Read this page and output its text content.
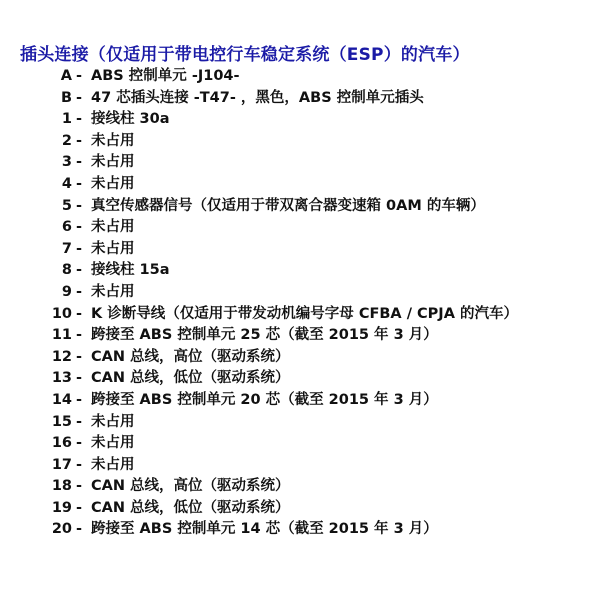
插头连接（仅适用于带电控行车稳定系统（ESP）的汽车）
A - ABS 控制单元 -J104-
B - 47 芯插头连接 -T47- ，黑色，ABS 控制单元插头
1 - 接线柱 30a
2 - 未占用
3 - 未占用
4 - 未占用
5 - 真空传感器信号（仅适用于带双离合器变速箱 0AM 的车辆）
6 - 未占用
7 - 未占用
8 - 接线柱 15a
9 - 未占用
10 - K 诊断导线（仅适用于带发动机编号字母 CFBA / CPJA 的汽车）
11 - 跨接至 ABS 控制单元 25 芯（截至 2015 年 3 月）
12 - CAN 总线，高位（驱动系统）
13 - CAN 总线，低位（驱动系统）
14 - 跨接至 ABS 控制单元 20 芯（截至 2015 年 3 月）
15 - 未占用
16 - 未占用
17 - 未占用
18 - CAN 总线，高位（驱动系统）
19 - CAN 总线，低位（驱动系统）
20 - 跨接至 ABS 控制单元 14 芯（截至 2015 年 3 月）
